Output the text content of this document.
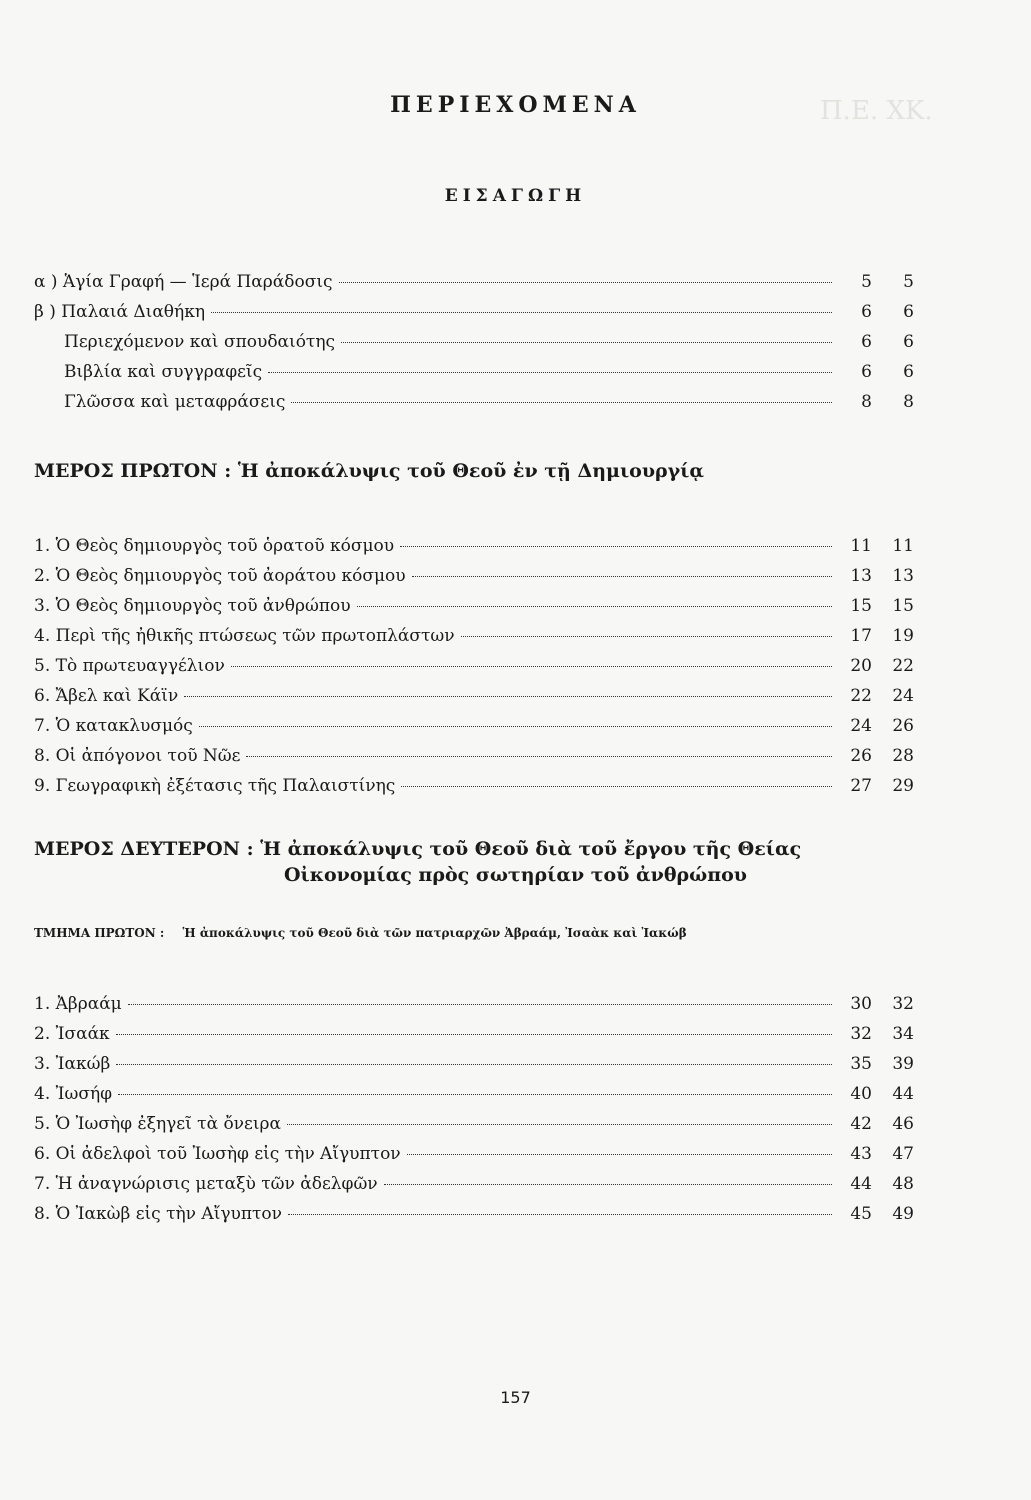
Π.Ε. ΧΚ.
ΠΕΡΙΕΧΟΜΕΝΑ
ΕΙΣΑΓΩΓΗ
α ) Ἁγία Γραφή — Ἱερά Παράδοσις	5	5
β ) Παλαιά Διαθήκη	6	6
Περιεχόμενον καὶ σπουδαιότης	6	6
Βιβλία καὶ συγγραφεῖς	6	6
Γλῶσσα καὶ μεταφράσεις	8	8
ΜΕΡΟΣ ΠΡΩΤΟΝ : Ἡ ἀποκάλυψις τοῦ Θεοῦ ἐν τῇ Δημιουργίᾳ
1. Ὁ Θεὸς δημιουργὸς τοῦ ὁρατοῦ κόσμου	11	11
2. Ὁ Θεὸς δημιουργὸς τοῦ ἀοράτου κόσμου	13	13
3. Ὁ Θεὸς δημιουργὸς τοῦ ἀνθρώπου	15	15
4. Περὶ τῆς ἠθικῆς πτώσεως τῶν πρωτοπλάστων	17	19
5. Τὸ πρωτευαγγέλιον	20	22
6. Ἄβελ καὶ Κάϊν	22	24
7. Ὁ κατακλυσμός	24	26
8. Οἱ ἀπόγονοι τοῦ Νῶε	26	28
9. Γεωγραφικὴ ἐξέτασις τῆς Παλαιστίνης	27	29
ΜΕΡΟΣ ΔΕΥΤΕΡΟΝ : Ἡ ἀποκάλυψις τοῦ Θεοῦ διὰ τοῦ ἔργου τῆς Θείας
Οἰκονομίας πρὸς σωτηρίαν τοῦ ἀνθρώπου
ΤΜΗΜΑ ΠΡΩΤΟΝ : Ἡ ἀποκάλυψις τοῦ Θεοῦ διὰ τῶν πατριαρχῶν Ἀβραάμ, Ἰσαὰκ καὶ Ἰακώβ
1. Ἀβραάμ	30	32
2. Ἰσαάκ	32	34
3. Ἰακώβ	35	39
4. Ἰωσήφ	40	44
5. Ὁ Ἰωσὴφ ἐξηγεῖ τὰ ὄνειρα	42	46
6. Οἱ ἀδελφοὶ τοῦ Ἰωσὴφ εἰς τὴν Αἴγυπτον	43	47
7. Ἡ ἀναγνώρισις μεταξὺ τῶν ἀδελφῶν	44	48
8. Ὁ Ἰακὼβ εἰς τὴν Αἴγυπτον	45	49
157
